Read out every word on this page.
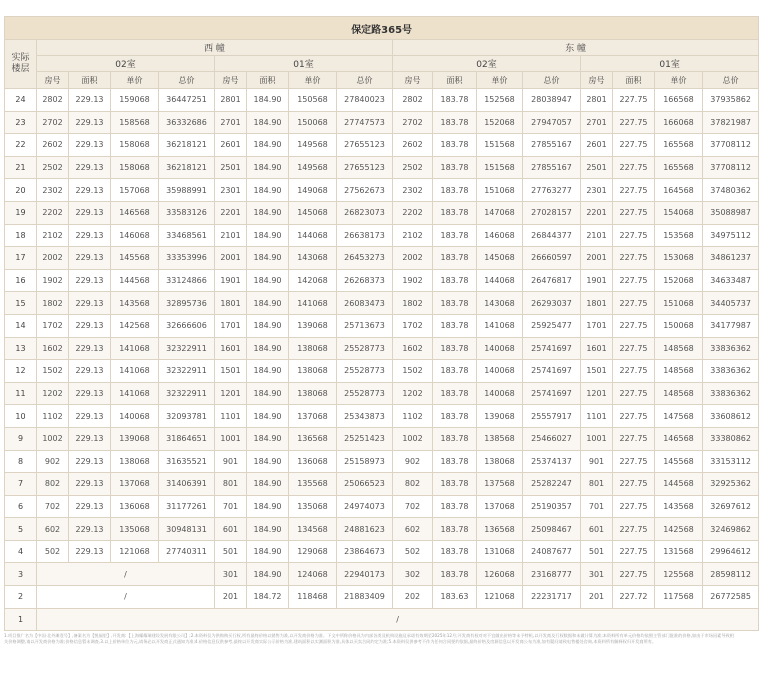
保定路365号																
实际楼层	西 幢								东 幢							
	02室				01室				02室				01室			
	房号	面积	单价	总价	房号	面积	单价	总价	房号	面积	单价	总价	房号	面积	单价	总价
24	2802	229.13	159068	36447251	2801	184.90	150568	27840023	2802	183.78	152568	28038947	2801	227.75	166568	37935862
23	2702	229.13	158568	36332686	2701	184.90	150068	27747573	2702	183.78	152068	27947057	2701	227.75	166068	37821987
22	2602	229.13	158068	36218121	2601	184.90	149568	27655123	2602	183.78	151568	27855167	2601	227.75	165568	37708112
21	2502	229.13	158068	36218121	2501	184.90	149568	27655123	2502	183.78	151568	27855167	2501	227.75	165568	37708112
20	2302	229.13	157068	35988991	2301	184.90	149068	27562673	2302	183.78	151068	27763277	2301	227.75	164568	37480362
19	2202	229.13	146568	33583126	2201	184.90	145068	26823073	2202	183.78	147068	27028157	2201	227.75	154068	35088987
18	2102	229.13	146068	33468561	2101	184.90	144068	26638173	2102	183.78	146068	26844377	2101	227.75	153568	34975112
17	2002	229.13	145568	33353996	2001	184.90	143068	26453273	2002	183.78	145068	26660597	2001	227.75	153068	34861237
16	1902	229.13	144568	33124866	1901	184.90	142068	26268373	1902	183.78	144068	26476817	1901	227.75	152068	34633487
15	1802	229.13	143568	32895736	1801	184.90	141068	26083473	1802	183.78	143068	26293037	1801	227.75	151068	34405737
14	1702	229.13	142568	32666606	1701	184.90	139068	25713673	1702	183.78	141068	25925477	1701	227.75	150068	34177987
13	1602	229.13	141068	32322911	1601	184.90	138068	25528773	1602	183.78	140068	25741697	1601	227.75	148568	33836362
12	1502	229.13	141068	32322911	1501	184.90	138068	25528773	1502	183.78	140068	25741697	1501	227.75	148568	33836362
11	1202	229.13	141068	32322911	1201	184.90	138068	25528773	1202	183.78	140068	25741697	1201	227.75	148568	33836362
10	1102	229.13	140068	32093781	1101	184.90	137068	25343873	1102	183.78	139068	25557917	1101	227.75	147568	33608612
9	1002	229.13	139068	31864651	1001	184.90	136568	25251423	1002	183.78	138568	25466027	1001	227.75	146568	33380862
8	902	229.13	138068	31635521	901	184.90	136068	25158973	902	183.78	138068	25374137	901	227.75	145568	33153112
7	802	229.13	137068	31406391	801	184.90	135568	25066523	802	183.78	137568	25282247	801	227.75	144568	32925362
6	702	229.13	136068	31177261	701	184.90	135068	24974073	702	183.78	137068	25190357	701	227.75	143568	32697612
5	602	229.13	135068	30948131	601	184.90	134568	24881623	602	183.78	136568	25098467	601	227.75	142568	32469862
4	502	229.13	121068	27740311	501	184.90	129068	23864673	502	183.78	131068	24087677	501	227.75	131568	29964612
3	/				301	184.90	124068	22940173	302	183.78	126068	23168777	301	227.75	125568	28598112
2	/				201	184.72	118468	21883409	202	183.63	121068	22231717	201	227.72	117568	26772585
1	/															
1.项目推广名为【中国·北外滩壹号】,备案名为【悦福里】,开发商:【上海耀耀瑞建设发展有限公司】;2.本资料仅为供购购买行权,所有最终价格以销售为准,以开发商价格为准。下文中所称价格具为内部各类及机构设施及承诺有效期至2025年12月;开发商有权对对不宜做出价格等未予特机,以开发商及行权数据和未做计算为准;本资料所有单元价格均依照主管部门批准的价格,如由于市场因素导致相关价格调整,请以开发商价格为准;价格信息暂未调查,3.以上价格单位为元,请务必以开发商正式通知为准;4.价格信息仅供参考,最终以开发商实际公示价格为准,建筑面积以实测面积为准,具体以买卖合同约定为准;5.本资料仅供参考不作为任何合同要约依据,最终价格及房源信息以开发商公布为准,如有疑问请致电售楼处咨询,本资料所有解释权归开发商所有。
